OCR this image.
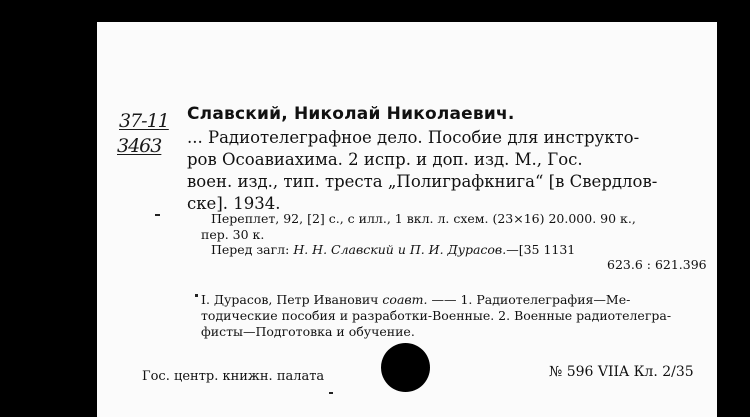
37-11
3463
Славский, Николай Николаевич.
... Радиотелеграфное дело. Пособие для инструкто-
ров Осоавиахима. 2 испр. и доп. изд. М., Гос.
воен. изд., тип. треста „Полиграфкнига“ [в Свердлов-
ске]. 1934.
Переплет, 92, [2] с., с илл., 1 вкл. л. схем. (23×16) 20.000. 90 к.,
пер. 30 к.
Перед загл: Н. Н. Славский и П. И. Дурасов.—[35 1131
623.6 : 621.396
I. Дурасов, Петр Иванович соавт. —— 1. Радиотелеграфия—Ме-
тодические пособия и разработки-Военные. 2. Военные радиотелегра-
фисты—Подготовка и обучение.
Гос. центр. книжн. палата	№ 596 VIIA Кл. 2/35
